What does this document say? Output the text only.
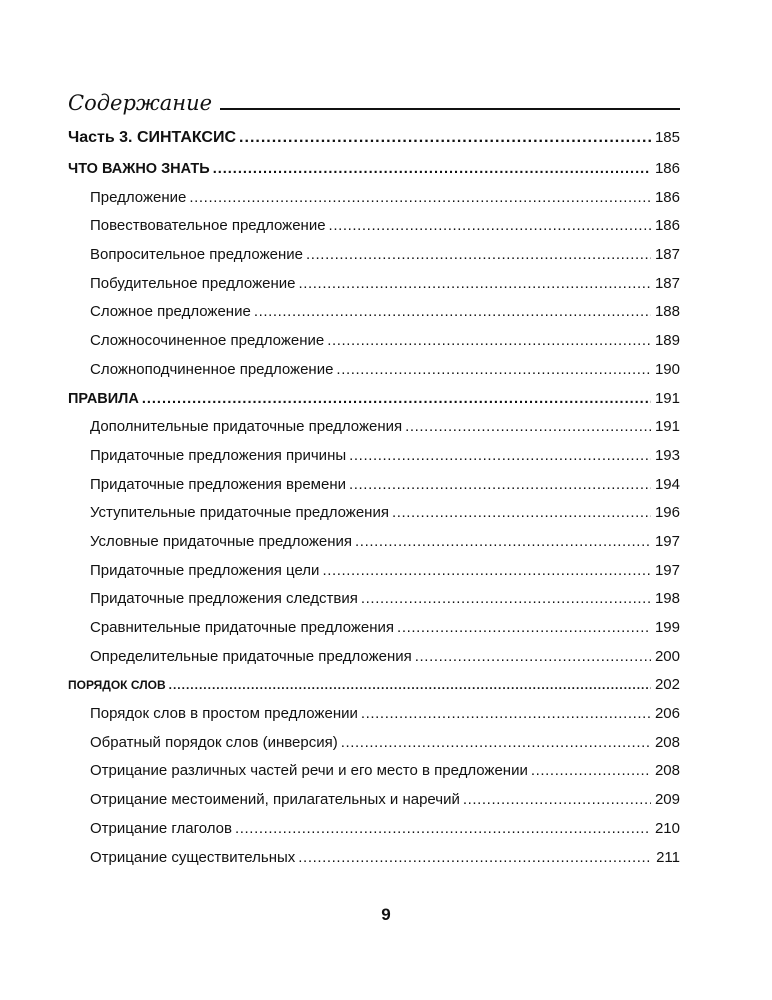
Содержание
Часть 3. СИНТАКСИС .....	185
ЧТО ВАЖНО ЗНАТЬ .....	186
Предложение .....	186
Повествовательное предложение .....	186
Вопросительное предложение .....	187
Побудительное предложение .....	187
Сложное предложение .....	188
Сложносочиненное предложение .....	189
Сложноподчиненное предложение .....	190
ПРАВИЛА .....	191
Дополнительные придаточные предложения .....	191
Придаточные предложения причины .....	193
Придаточные предложения времени .....	194
Уступительные придаточные предложения .....	196
Условные придаточные предложения .....	197
Придаточные предложения цели .....	197
Придаточные предложения следствия .....	198
Сравнительные придаточные предложения .....	199
Определительные придаточные предложения .....	200
ПОРЯДОК СЛОВ .....	202
Порядок слов в простом предложении .....	206
Обратный порядок слов (инверсия) .....	208
Отрицание различных частей речи и его место в предложении .....	208
Отрицание местоимений, прилагательных и наречий .....	209
Отрицание глаголов .....	210
Отрицание существительных .....	211
9
